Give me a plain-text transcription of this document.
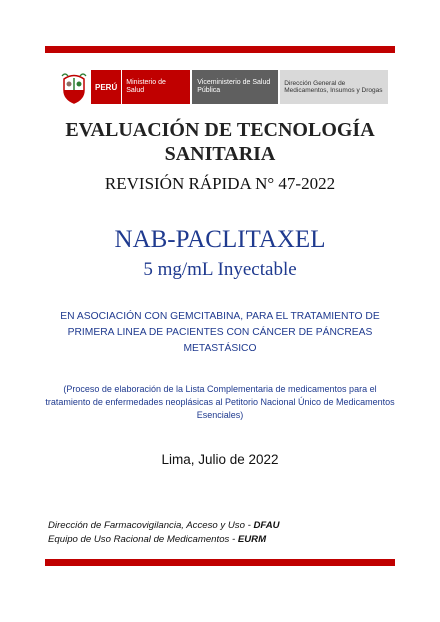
PERÚ	Ministerio de Salud
Viceministerio de Salud Pública
Dirección General de Medicamentos, Insumos y Drogas
EVALUACIÓN DE TECNOLOGÍA
SANITARIA
REVISIÓN RÁPIDA N° 47-2022
NAB-PACLITAXEL
5 mg/mL Inyectable
EN ASOCIACIÓN CON GEMCITABINA, PARA EL TRATAMIENTO DE PRIMERA LINEA DE PACIENTES CON CÁNCER DE PÁNCREAS METASTÁSICO
(Proceso de elaboración de la Lista Complementaria de medicamentos para el tratamiento de enfermedades neoplásicas al Petitorio Nacional Único de Medicamentos Esenciales)
Lima, Julio de 2022
Dirección de Farmacovigilancia, Acceso y Uso - DFAU
Equipo de Uso Racional de Medicamentos - EURM
